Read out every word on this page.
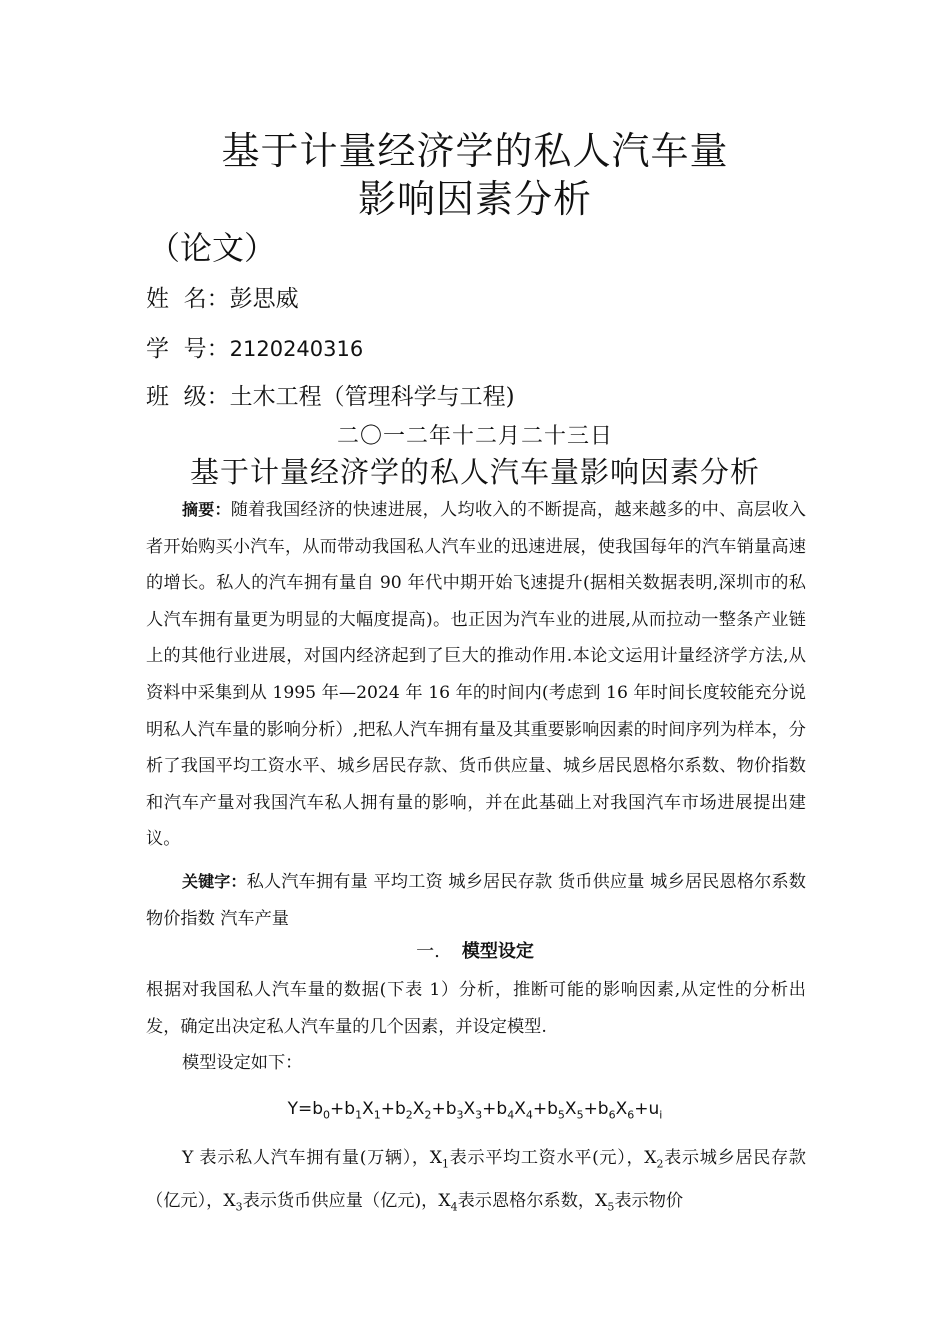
基于计量经济学的私人汽车量
影响因素分析
（论文）
姓  名：彭思威
学  号：2120240316
班  级：土木工程（管理科学与工程)
二〇一二年十二月二十三日
基于计量经济学的私人汽车量影响因素分析

摘要：随着我国经济的快速进展，人均收入的不断提高，越来越多的中、高层收入者开始购买小汽车，从而带动我国私人汽车业的迅速进展，使我国每年的汽车销量高速的增长。私人的汽车拥有量自 90 年代中期开始飞速提升(据相关数据表明,深圳市的私人汽车拥有量更为明显的大幅度提高)。也正因为汽车业的进展,从而拉动一整条产业链上的其他行业进展，对国内经济起到了巨大的推动作用.本论文运用计量经济学方法,从资料中采集到从 1995 年—2024 年 16 年的时间内(考虑到 16 年时间长度较能充分说明私人汽车量的影响分析）,把私人汽车拥有量及其重要影响因素的时间序列为样本，分析了我国平均工资水平、城乡居民存款、货币供应量、城乡居民恩格尔系数、物价指数和汽车产量对我国汽车私人拥有量的影响，并在此基础上对我国汽车市场进展提出建议。

关键字：私人汽车拥有量 平均工资 城乡居民存款 货币供应量 城乡居民恩格尔系数 物价指数 汽车产量

一. 模型设定

根据对我国私人汽车量的数据(下表 1）分析，推断可能的影响因素,从定性的分析出发，确定出决定私人汽车量的几个因素，并设定模型.

模型设定如下：

$Y=b_0+b_1X_1+b_2X_2+b_3X_3+b_4X_4+b_5X_5+b_6X_6+u_i$

Y 表示私人汽车拥有量(万辆），$X_1$表示平均工资水平(元），$X_2$表示城乡居民存款（亿元），$X_3$表示货币供应量（亿元)，$X_4$表示恩格尔系数，$X_5$表示物价
